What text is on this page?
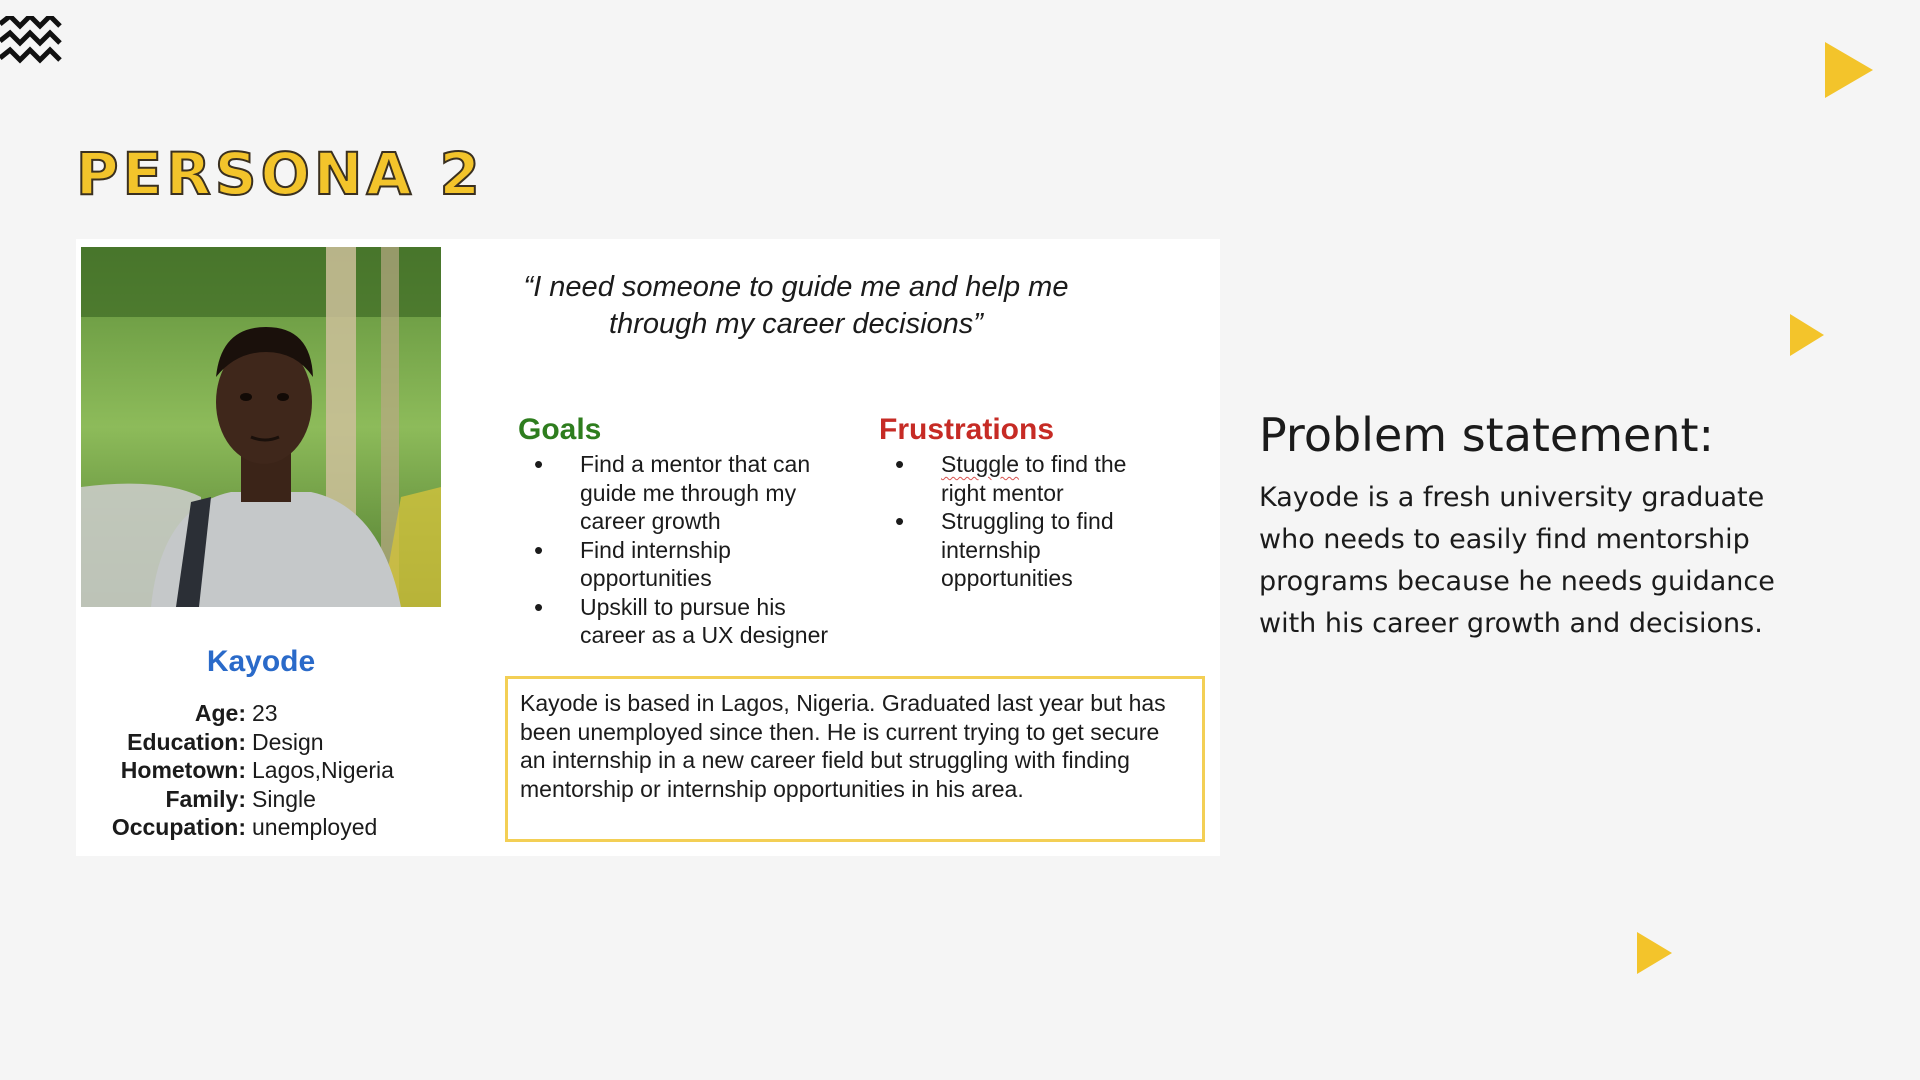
PERSONA 2
Kayode
Age: 23
Education: Design
Hometown: Lagos,Nigeria
Family: Single
Occupation: unemployed
“I need someone to guide me and help me through my career decisions”
Goals
• Find a mentor that can guide me through my career growth
• Find internship opportunities
• Upskill to pursue his career as a UX designer
Frustrations
• Stuggle to find the right mentor
• Struggling to find internship opportunities
Kayode is based in Lagos, Nigeria. Graduated last year but has been unemployed since then. He is current trying to get secure an internship in a new career field but struggling with finding mentorship or internship opportunities in his area.
Problem statement:

Kayode is a fresh university graduate who needs to easily find mentorship programs because he needs guidance with his career growth and decisions.
